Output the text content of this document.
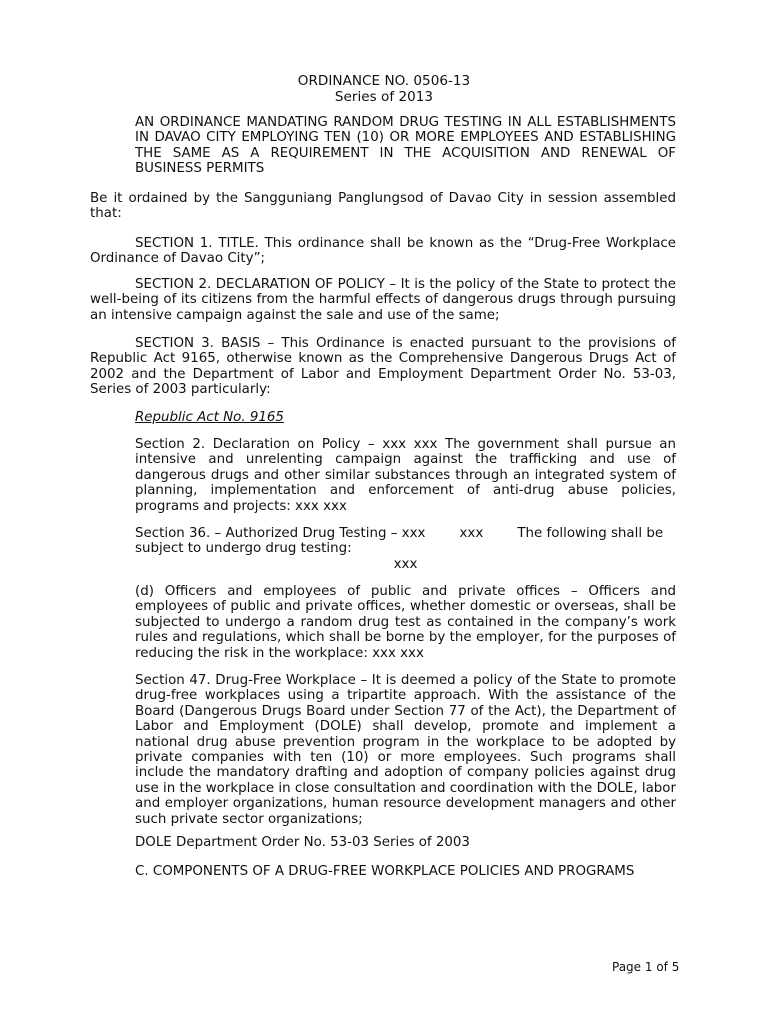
ORDINANCE NO. 0506-13
Series of 2013
AN ORDINANCE MANDATING RANDOM DRUG TESTING IN ALL ESTABLISHMENTS IN DAVAO CITY EMPLOYING TEN (10) OR MORE EMPLOYEES AND ESTABLISHING THE SAME AS A REQUIREMENT IN THE ACQUISITION AND RENEWAL OF BUSINESS PERMITS
Be it ordained by the Sangguniang Panglungsod of Davao City in session assembled that:
SECTION 1. TITLE. This ordinance shall be known as the “Drug-Free Workplace Ordinance of Davao City”;
SECTION 2. DECLARATION OF POLICY – It is the policy of the State to protect the well-being of its citizens from the harmful effects of dangerous drugs through pursuing an intensive campaign against the sale and use of the same;
SECTION 3. BASIS – This Ordinance is enacted pursuant to the provisions of Republic Act 9165, otherwise known as the Comprehensive Dangerous Drugs Act of 2002 and the Department of Labor and Employment Department Order No. 53-03, Series of 2003 particularly:
Republic Act No. 9165
Section 2. Declaration on Policy – xxx xxx The government shall pursue an intensive and unrelenting campaign against the trafficking and use of dangerous drugs and other similar substances through an integrated system of planning, implementation and enforcement of anti-drug abuse policies, programs and projects: xxx xxx
Section 36. – Authorized Drug Testing – xxx        xxx        The following shall be
subject to undergo drug testing:
xxx
(d) Officers and employees of public and private offices – Officers and employees of public and private offices, whether domestic or overseas, shall be subjected to undergo a random drug test as contained in the company’s work rules and regulations, which shall be borne by the employer, for the purposes of reducing the risk in the workplace: xxx xxx
Section 47. Drug-Free Workplace – It is deemed a policy of the State to promote drug-free workplaces using a tripartite approach. With the assistance of the Board (Dangerous Drugs Board under Section 77 of the Act), the Department of Labor and Employment (DOLE) shall develop, promote and implement a national drug abuse prevention program in the workplace to be adopted by private companies with ten (10) or more employees. Such programs shall include the mandatory drafting and adoption of company policies against drug use in the workplace in close consultation and coordination with the DOLE, labor and employer organizations, human resource development managers and other such private sector organizations;
DOLE Department Order No. 53-03 Series of 2003
C. COMPONENTS OF A DRUG-FREE WORKPLACE POLICIES AND PROGRAMS
Page 1 of 5
